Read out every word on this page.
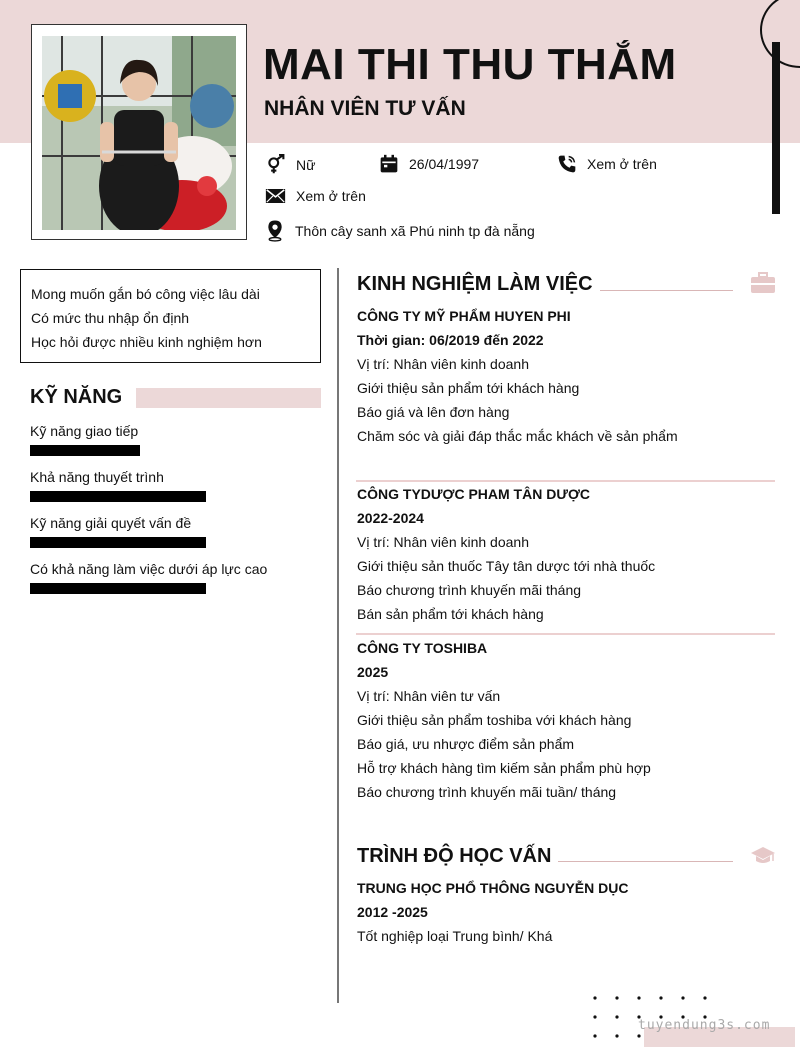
MAI THI THU THẮM
NHÂN VIÊN TƯ VẤN
Nữ	26/04/1997	Xem ở trên
Xem ở trên
Thôn cây sanh xã Phú ninh tp đà nẵng
Mong muốn gắn bó công việc lâu dài
Có mức thu nhập ổn định
Học hỏi được nhiều kinh nghiệm hơn
KỸ NĂNG
Kỹ năng giao tiếp
Khả năng thuyết trình
Kỹ năng giải quyết vấn đề
Có khả năng làm việc dưới áp lực cao
KINH NGHIỆM LÀM VIỆC
CÔNG TY MỸ PHẨM HUYEN PHI
Thời gian: 06/2019 đến 2022
Vị trí: Nhân viên kinh doanh
Giới thiệu sản phẩm tới khách hàng
Báo giá và lên đơn hàng
Chăm sóc và giải đáp thắc mắc khách về sản phẩm
CÔNG TYDƯỢC PHAM TÂN DƯỢC
2022-2024
Vị trí: Nhân viên kinh doanh
Giới thiệu sản thuốc Tây tân dược tới nhà thuốc
Báo chương trình khuyến mãi tháng
Bán sản phẩm tới khách hàng
CÔNG TY TOSHIBA
2025
Vị trí: Nhân viên tư vấn
Giới thiệu sản phẩm toshiba với khách hàng
Báo giá, ưu nhược điểm sản phẩm
Hỗ trợ khách hàng tìm kiếm sản phẩm phù hợp
Báo chương trình khuyến mãi tuần/ tháng
TRÌNH ĐỘ HỌC VẤN
TRUNG HỌC PHỔ THÔNG NGUYỄN DỤC
2012 -2025
Tốt nghiệp loại Trung bình/ Khá
tuyendung3s.com
